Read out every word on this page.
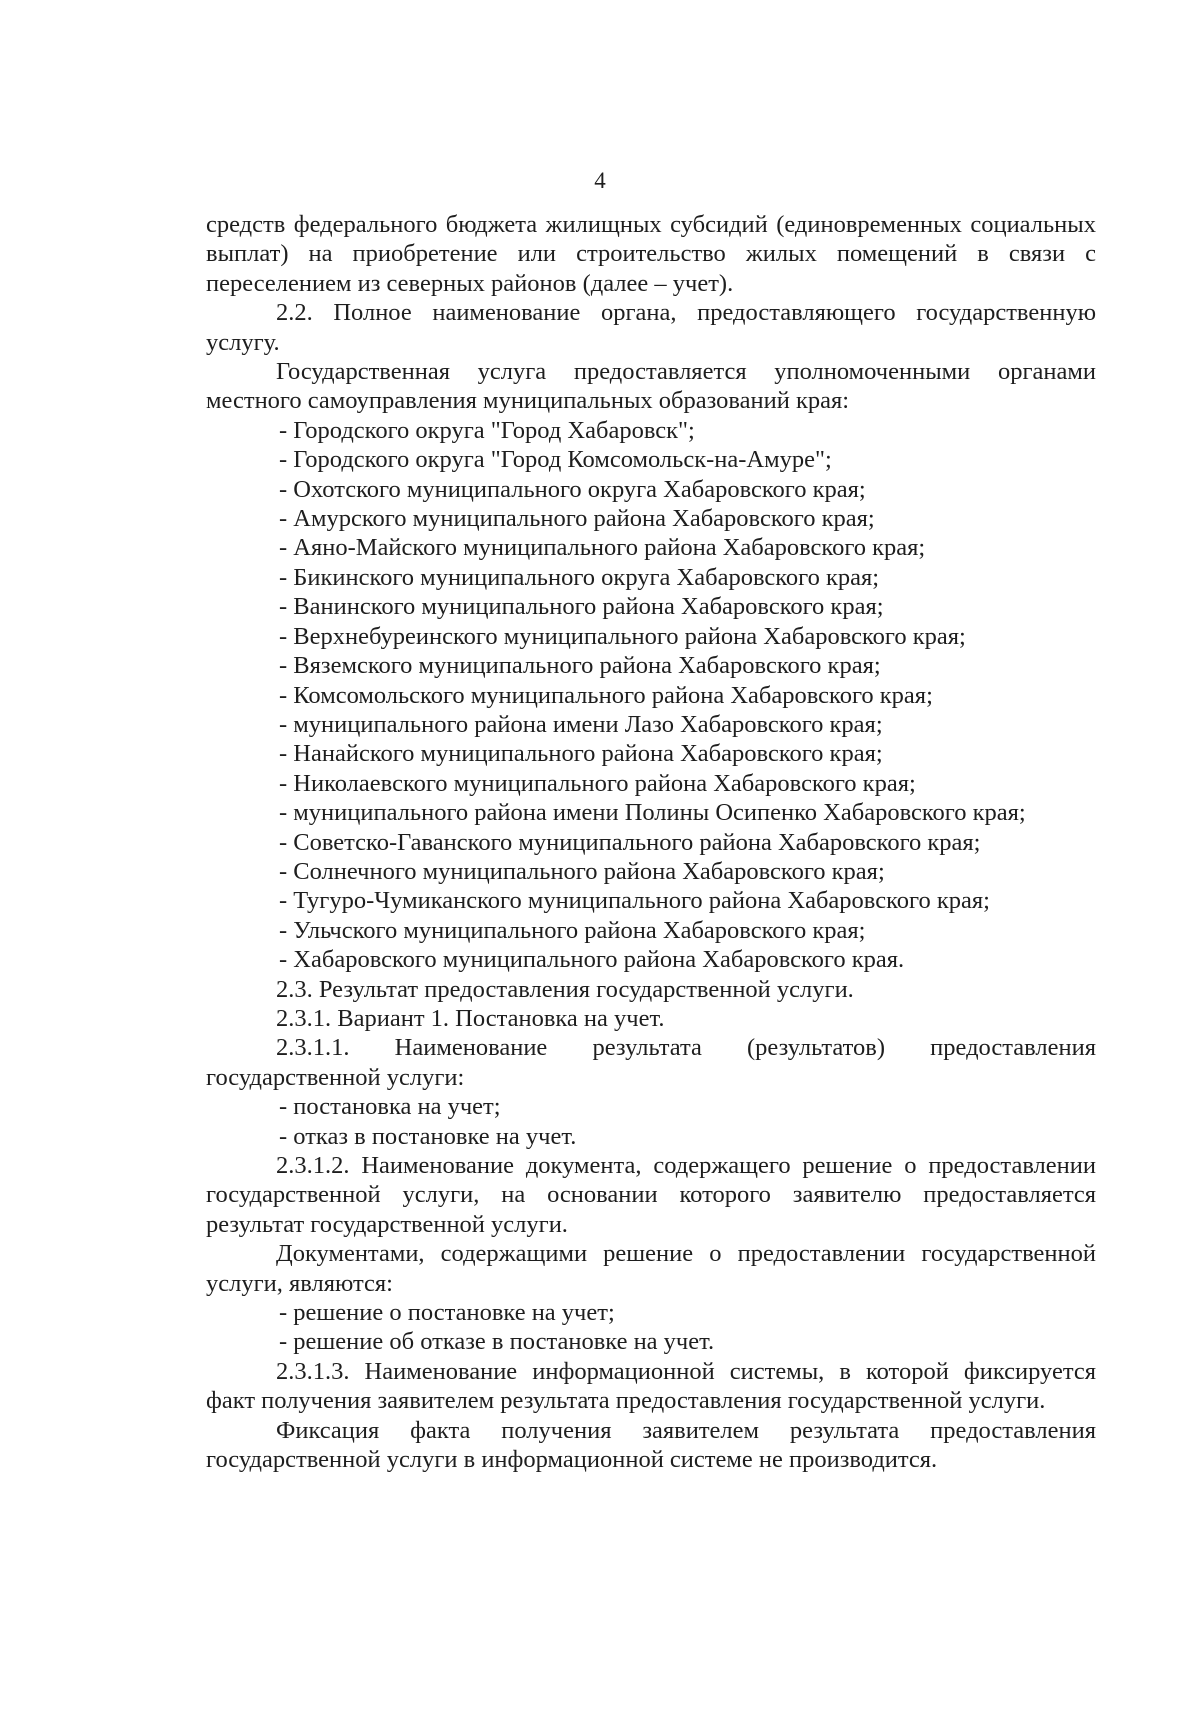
4

средств федерального бюджета жилищных субсидий (единовременных социальных выплат) на приобретение или строительство жилых помещений в связи с переселением из северных районов (далее – учет).

2.2. Полное наименование органа, предоставляющего государственную услугу.

Государственная услуга предоставляется уполномоченными органами местного самоуправления муниципальных образований края:

- Городского округа "Город Хабаровск";

- Городского округа "Город Комсомольск-на-Амуре";

- Охотского муниципального округа Хабаровского края;

- Амурского муниципального района Хабаровского края;

- Аяно-Майского муниципального района Хабаровского края;

- Бикинского муниципального округа Хабаровского края;

- Ванинского муниципального района Хабаровского края;

- Верхнебуреинского муниципального района Хабаровского края;

- Вяземского муниципального района Хабаровского края;

- Комсомольского муниципального района Хабаровского края;

- муниципального района имени Лазо Хабаровского края;

- Нанайского муниципального района Хабаровского края;

- Николаевского муниципального района Хабаровского края;

- муниципального района имени Полины Осипенко Хабаровского края;

- Советско-Гаванского муниципального района Хабаровского края;

- Солнечного муниципального района Хабаровского края;

- Тугуро-Чумиканского муниципального района Хабаровского края;

- Ульчского муниципального района Хабаровского края;

- Хабаровского муниципального района Хабаровского края.

2.3. Результат предоставления государственной услуги.

2.3.1. Вариант 1. Постановка на учет.

2.3.1.1. Наименование результата (результатов) предоставления государственной услуги:

- постановка на учет;

- отказ в постановке на учет.

2.3.1.2. Наименование документа, содержащего решение о предоставлении государственной услуги, на основании которого заявителю предоставляется результат государственной услуги.

Документами, содержащими решение о предоставлении государственной услуги, являются:

- решение о постановке на учет;

- решение об отказе в постановке на учет.

2.3.1.3. Наименование информационной системы, в которой фиксируется факт получения заявителем результата предоставления государственной услуги.

Фиксация факта получения заявителем результата предоставления государственной услуги в информационной системе не производится.
